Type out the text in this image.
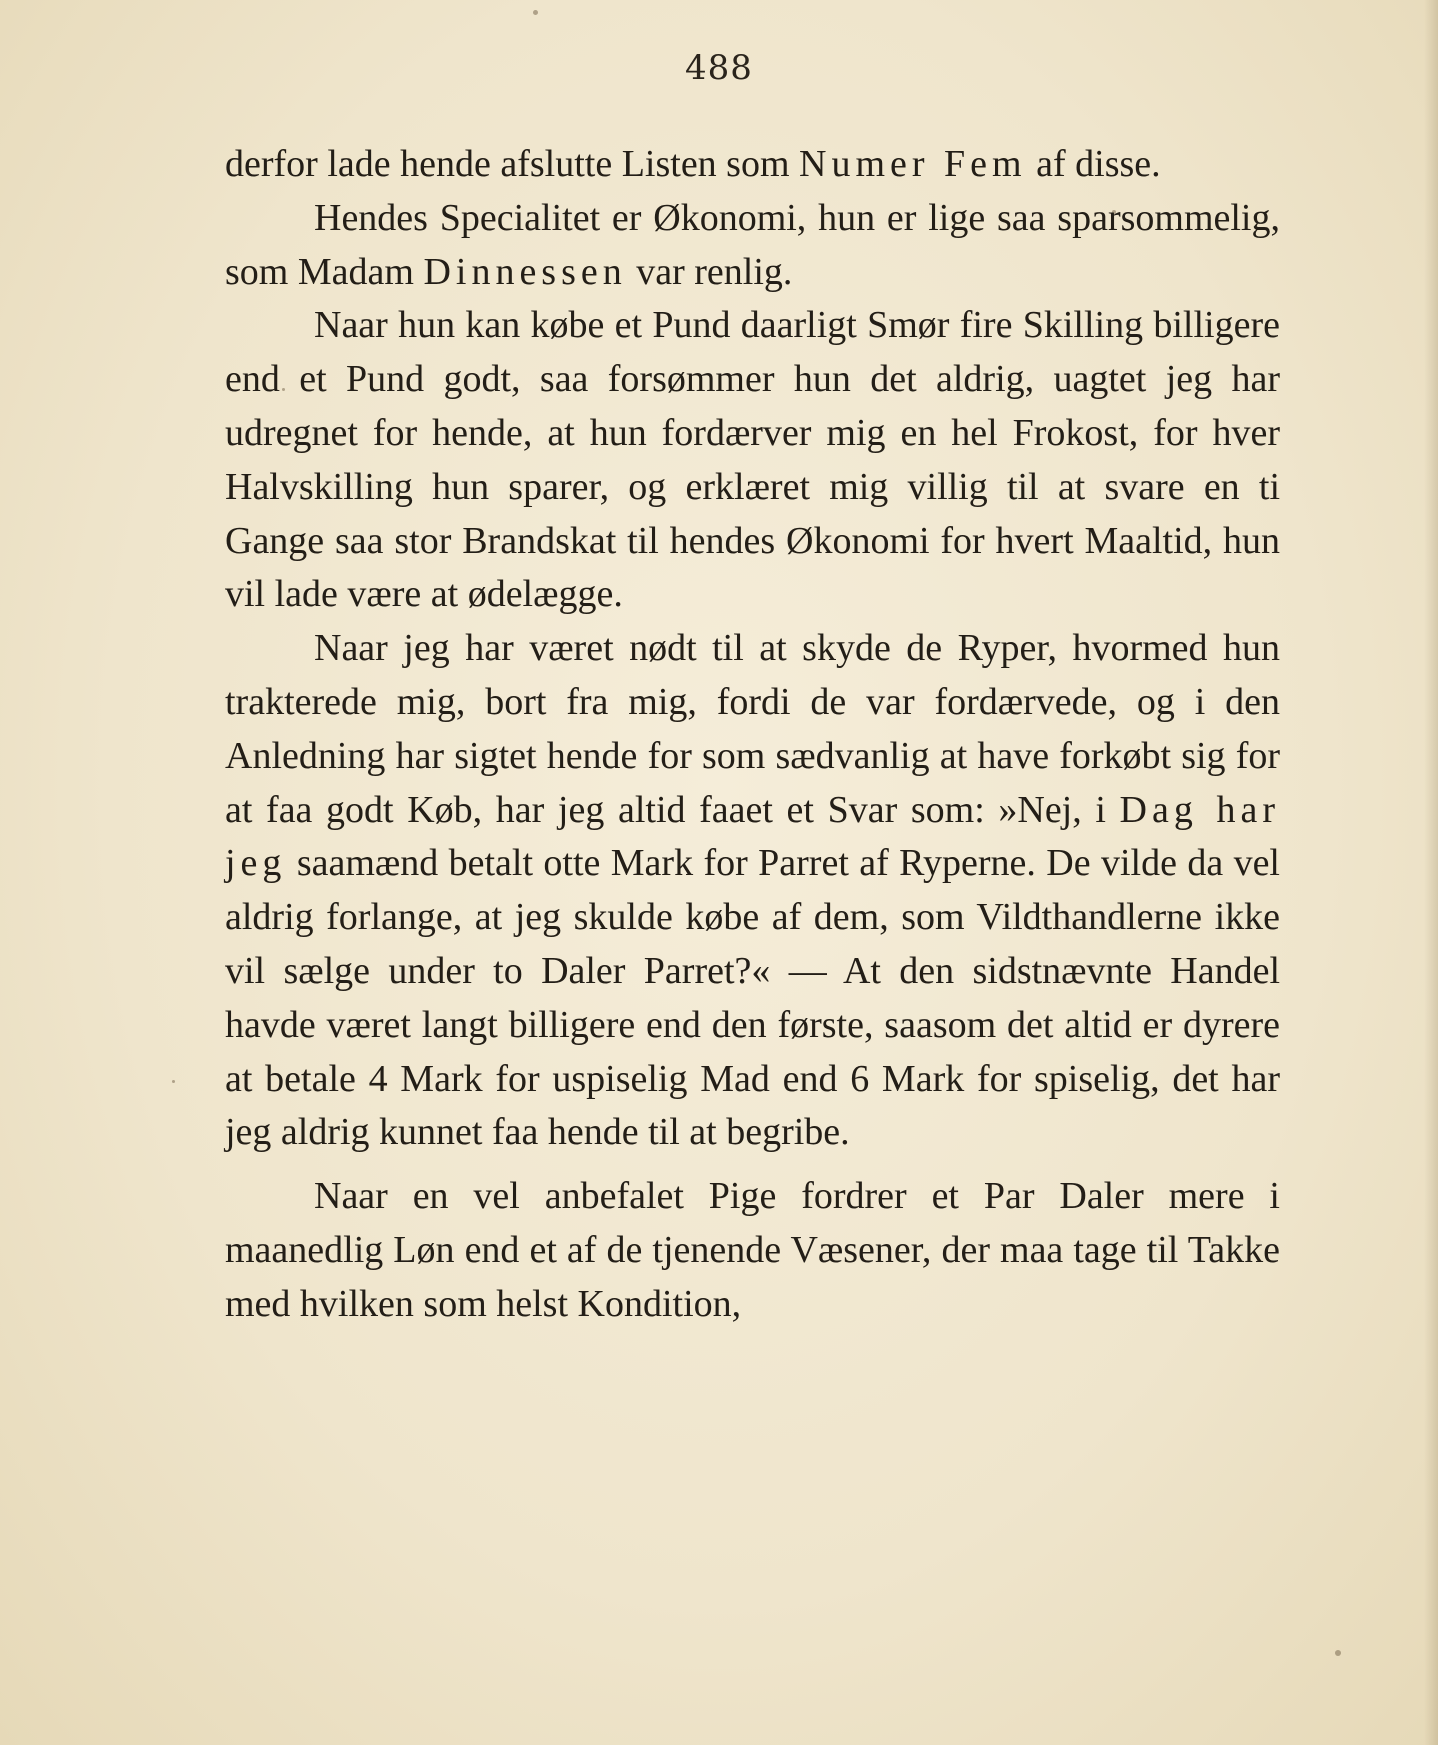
488

derfor lade hende afslutte Listen som Numer Fem af disse.

Hendes Specialitet er Økonomi, hun er lige saa sparsommelig, som Madam Dinnessen var renlig.

Naar hun kan købe et Pund daarligt Smør fire Skilling billigere end et Pund godt, saa forsømmer hun det aldrig, uagtet jeg har udregnet for hende, at hun fordærver mig en hel Frokost, for hver Halvskilling hun sparer, og erklæret mig villig til at svare en ti Gange saa stor Brandskat til hendes Økonomi for hvert Maaltid, hun vil lade være at ødelægge.

Naar jeg har været nødt til at skyde de Ryper, hvormed hun trakterede mig, bort fra mig, fordi de var fordærvede, og i den Anledning har sigtet hende for som sædvanlig at have forkøbt sig for at faa godt Køb, har jeg altid faaet et Svar som: »Nej, i Dag har jeg saamænd betalt otte Mark for Parret af Ryperne. De vilde da vel aldrig forlange, at jeg skulde købe af dem, som Vildthandlerne ikke vil sælge under to Daler Parret?« — At den sidstnævnte Handel havde været langt billigere end den første, saasom det altid er dyrere at betale 4 Mark for uspiselig Mad end 6 Mark for spiselig, det har jeg aldrig kunnet faa hende til at begribe.

Naar en vel anbefalet Pige fordrer et Par Daler mere i maanedlig Løn end et af de tjenende Væsener, der maa tage til Takke med hvilken som helst Kondition,
